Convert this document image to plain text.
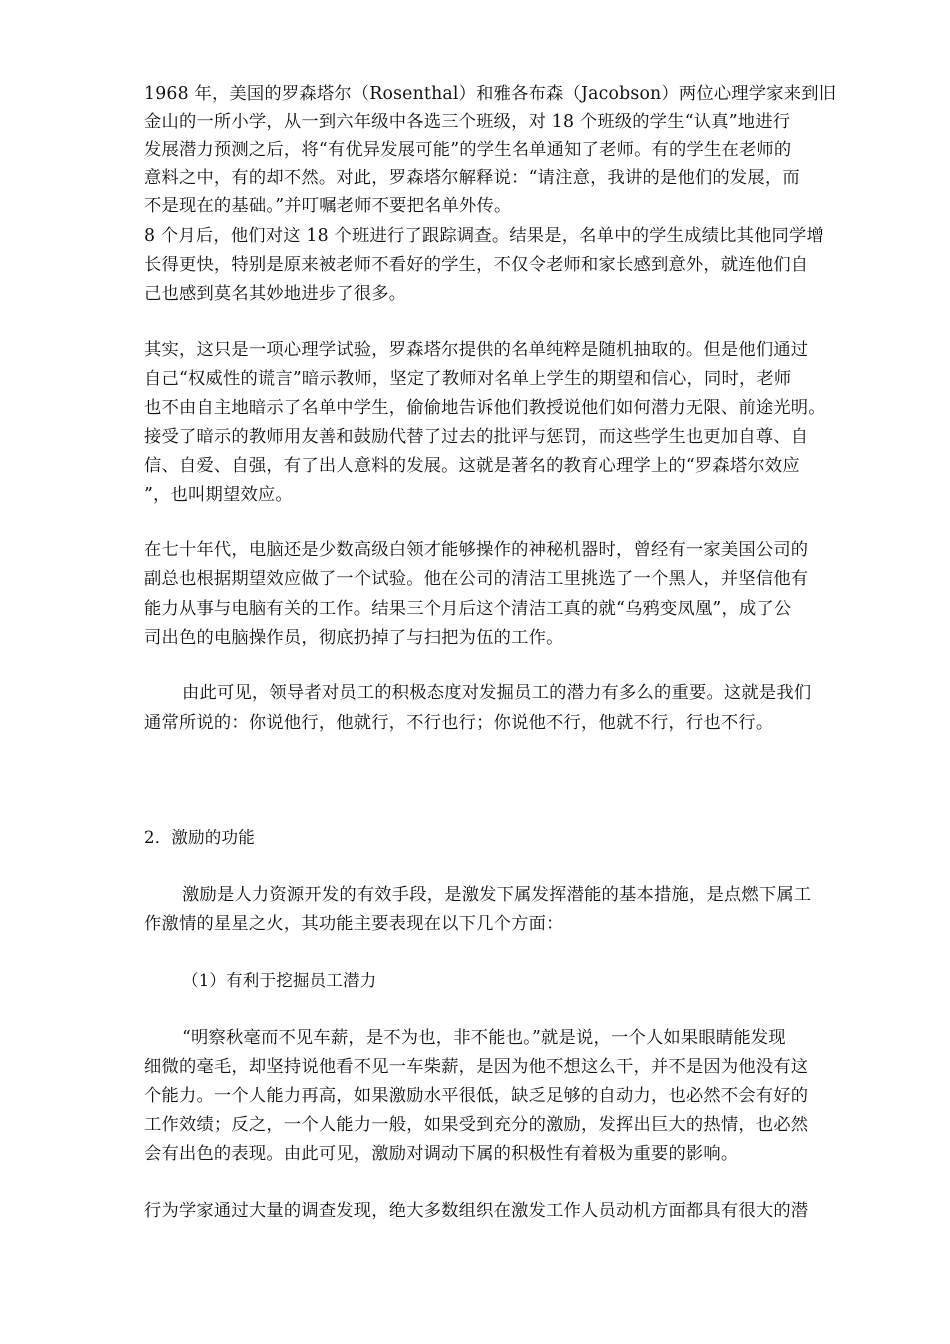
1968 年，美国的罗森塔尔（Rosenthal）和雅各布森（Jacobson）两位心理学家来到旧
金山的一所小学，从一到六年级中各选三个班级，对 18 个班级的学生“认真”地进行
发展潜力预测之后，将“有优异发展可能”的学生名单通知了老师。有的学生在老师的
意料之中，有的却不然。对此，罗森塔尔解释说：“请注意，我讲的是他们的发展，而
不是现在的基础。”并叮嘱老师不要把名单外传。
8 个月后，他们对这 18 个班进行了跟踪调查。结果是，名单中的学生成绩比其他同学增
长得更快，特别是原来被老师不看好的学生，不仅令老师和家长感到意外，就连他们自
己也感到莫名其妙地进步了很多。
其实，这只是一项心理学试验，罗森塔尔提供的名单纯粹是随机抽取的。但是他们通过
自己“权威性的谎言”暗示教师，坚定了教师对名单上学生的期望和信心，同时，老师
也不由自主地暗示了名单中学生，偷偷地告诉他们教授说他们如何潜力无限、前途光明。
接受了暗示的教师用友善和鼓励代替了过去的批评与惩罚，而这些学生也更加自尊、自
信、自爱、自强，有了出人意料的发展。这就是著名的教育心理学上的“罗森塔尔效应
”，也叫期望效应。
在七十年代，电脑还是少数高级白领才能够操作的神秘机器时，曾经有一家美国公司的
副总也根据期望效应做了一个试验。他在公司的清洁工里挑选了一个黑人，并坚信他有
能力从事与电脑有关的工作。结果三个月后这个清洁工真的就“乌鸦变凤凰”，成了公
司出色的电脑操作员，彻底扔掉了与扫把为伍的工作。
由此可见，领导者对员工的积极态度对发掘员工的潜力有多么的重要。这就是我们
通常所说的：你说他行，他就行，不行也行；你说他不行，他就不行，行也不行。
2．激励的功能
激励是人力资源开发的有效手段，是激发下属发挥潜能的基本措施，是点燃下属工
作激情的星星之火，其功能主要表现在以下几个方面：
（1）有利于挖掘员工潜力
“明察秋毫而不见车薪，是不为也，非不能也。”就是说，一个人如果眼睛能发现
细微的毫毛，却坚持说他看不见一车柴薪，是因为他不想这么干，并不是因为他没有这
个能力。一个人能力再高，如果激励水平很低，缺乏足够的自动力，也必然不会有好的
工作效绩；反之，一个人能力一般，如果受到充分的激励，发挥出巨大的热情，也必然
会有出色的表现。由此可见，激励对调动下属的积极性有着极为重要的影响。
行为学家通过大量的调查发现，绝大多数组织在激发工作人员动机方面都具有很大的潜
